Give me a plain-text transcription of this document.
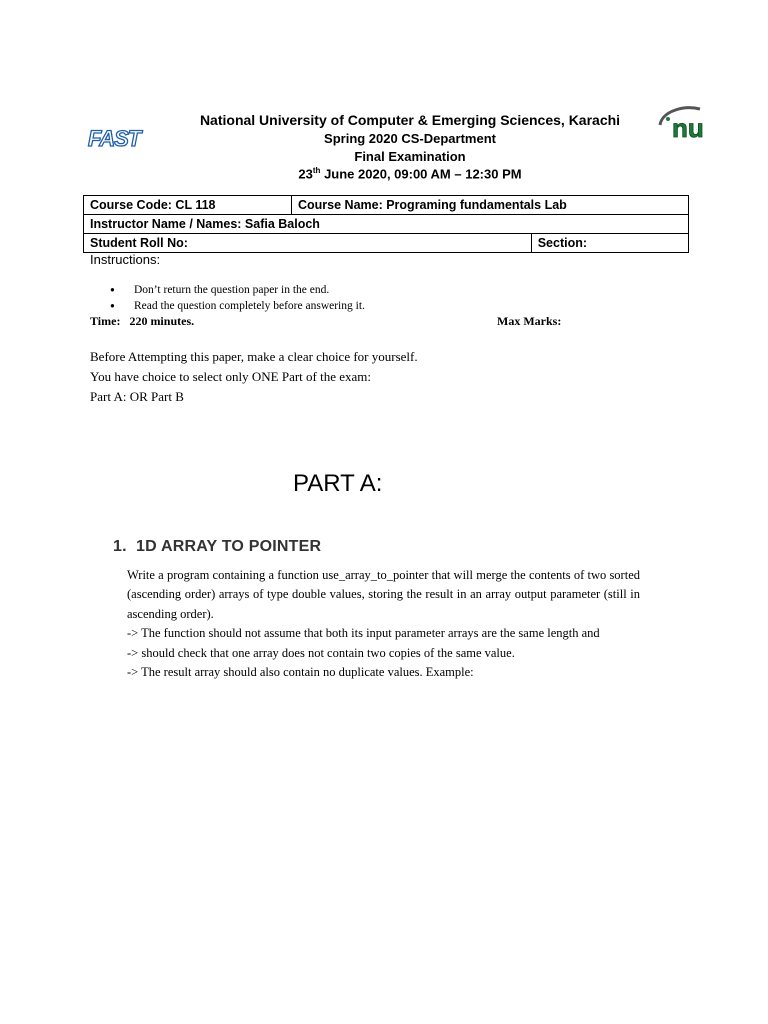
FAST	nu
National University of Computer & Emerging Sciences, Karachi
Spring 2020 CS-Department
Final Examination
23th June 2020, 09:00 AM – 12:30 PM
Course Code: CL 118	Course Name: Programing fundamentals Lab	
Instructor Name / Names: Safia Baloch		
Student Roll No:		Section:
Instructions:
● Don’t return the question paper in the end.
● Read the question completely before answering it.
Time:   220 minutes.	Max Marks:
Before Attempting this paper, make a clear choice for yourself.
You have choice to select only ONE Part of the exam:
Part A: OR Part B
PART A:
1.  1D ARRAY TO POINTER

Write a program containing a function use_array_to_pointer that will merge the contents of two sorted (ascending order) arrays of type double values, storing the result in an array output parameter (still in ascending order).

-> The function should not assume that both its input parameter arrays are the same length and

-> should check that one array does not contain two copies of the same value.

-> The result array should also contain no duplicate values. Example:
